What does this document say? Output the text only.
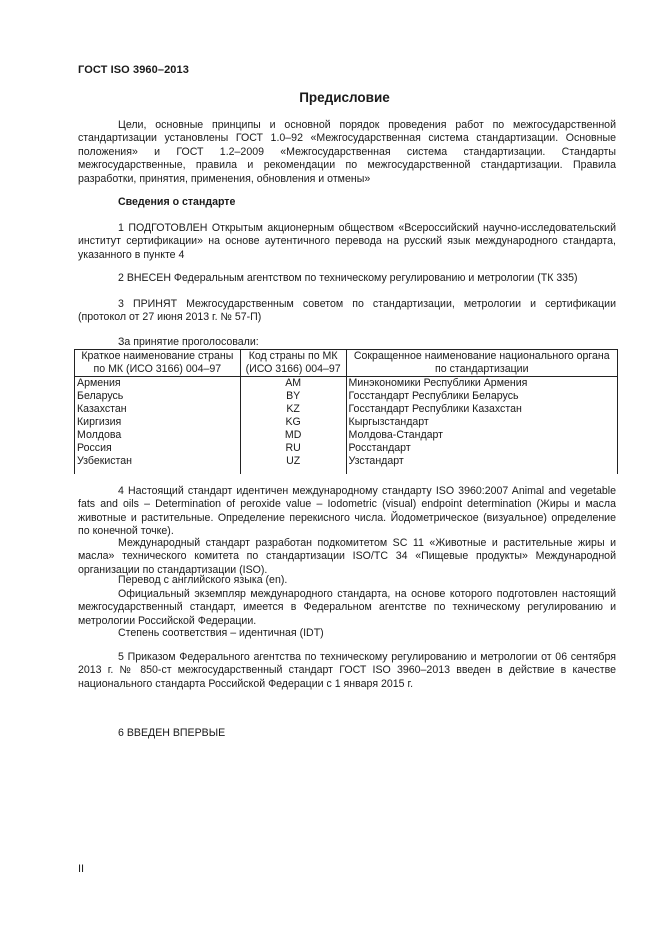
ГОСТ ISO 3960–2013
Предисловие
Цели, основные принципы и основной порядок проведения работ по межгосударственной стандартизации установлены ГОСТ 1.0–92 «Межгосударственная система стандартизации. Основные положения» и ГОСТ 1.2–2009 «Межгосударственная система стандартизации. Стандарты межгосударственные, правила и рекомендации по межгосударственной стандартизации. Правила разработки, принятия, применения, обновления и отмены»
Сведения о стандарте
1 ПОДГОТОВЛЕН Открытым акционерным обществом «Всероссийский научно-исследовательский институт сертификации» на основе аутентичного перевода на русский язык международного стандарта, указанного в пункте 4
2 ВНЕСЕН Федеральным агентством по техническому регулированию и метрологии (ТК 335)
3 ПРИНЯТ Межгосударственным советом по стандартизации, метрологии и сертификации (протокол от 27 июня 2013 г. № 57-П)
За принятие проголосовали:
Краткое наименование страны по МК (ИСО 3166) 004–97	Код страны по МК (ИСО 3166) 004–97	Сокращенное наименование национального органа по стандартизации
Армения	AM	Минэкономики Республики Армения
Беларусь	BY	Госстандарт Республики Беларусь
Казахстан	KZ	Госстандарт Республики Казахстан
Киргизия	KG	Кыргызстандарт
Молдова	MD	Молдова-Стандарт
Россия	RU	Росстандарт
Узбекистан	UZ	Узстандарт
4 Настоящий стандарт идентичен международному стандарту ISO 3960:2007 Animal and vegetable fats and oils – Determination of peroxide value – Iodometric (visual) endpoint determination (Жиры и масла животные и растительные. Определение перекисного числа. Йодометрическое (визуальное) определение по конечной точке).
Международный стандарт разработан подкомитетом SC 11 «Животные и растительные жиры и масла» технического комитета по стандартизации ISO/TC 34 «Пищевые продукты» Международной организации по стандартизации (ISO).
Перевод с английского языка (en).
Официальный экземпляр международного стандарта, на основе которого подготовлен настоящий межгосударственный стандарт, имеется в Федеральном агентстве по техническому регулированию и метрологии Российской Федерации.
Степень соответствия – идентичная (IDT)
5 Приказом Федерального агентства по техническому регулированию и метрологии от 06 сентября 2013 г. № 850-ст межгосударственный стандарт ГОСТ ISO 3960–2013 введен в действие в качестве национального стандарта Российской Федерации с 1 января 2015 г.
6 ВВЕДЕН ВПЕРВЫЕ
II
